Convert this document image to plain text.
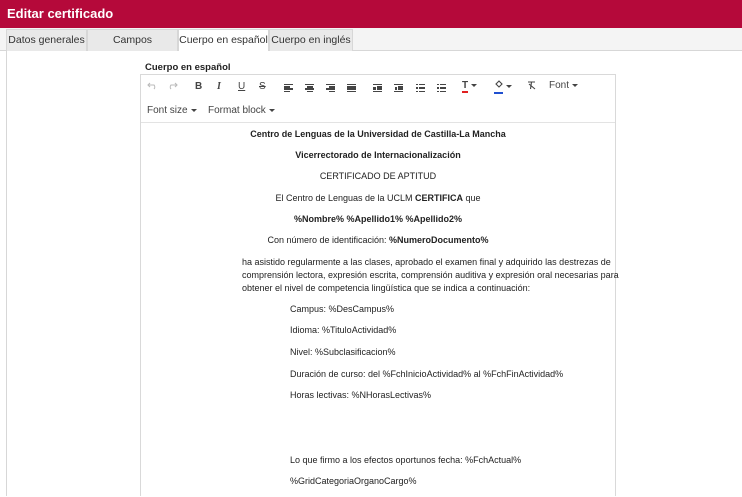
Editar certificado
Datos generales	Campos	Cuerpo en español Cuerpo en inglés
Cuerpo en español
B I U S	T	Font
Font size	Format block
Centro de Lenguas de la Universidad de Castilla-La Mancha
Vicerrectorado de Internacionalización
CERTIFICADO DE APTITUD
El Centro de Lenguas de la UCLM CERTIFICA que
%Nombre% %Apellido1% %Apellido2%
Con número de identificación: %NumeroDocumento%
ha asistido regularmente a las clases, aprobado el examen final y adquirido las destrezas de
comprensión lectora, expresión escrita, comprensión auditiva y expresión oral necesarias para
obtener el nivel de competencia lingüística que se indica a continuación:
Campus: %DesCampus%
Idioma: %TituloActividad%
Nivel: %Subclasificacion%
Duración de curso: del %FchInicioActividad% al %FchFinActividad%
Horas lectivas: %NHorasLectivas%
Lo que firmo a los efectos oportunos fecha: %FchActual%
%GridCategoriaOrganoCargo%
